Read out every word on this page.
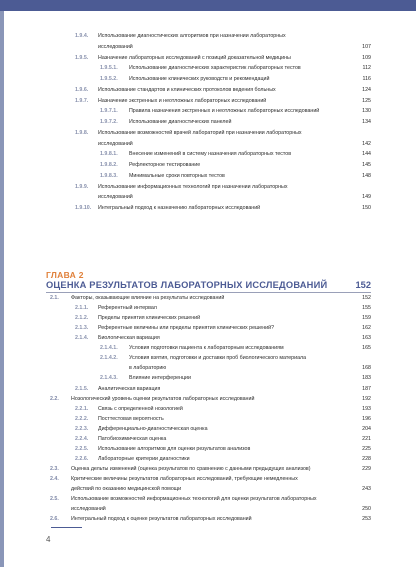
1.9.4. Использование диагностических алгоритмов при назначении лабораторных
исследований	107
1.9.5. Назначение лабораторных исследований с позиций доказательной медицины	109
1.9.5.1. Использование диагностических характеристик лабораторных тестов	112
1.9.5.2. Использование клинических руководств и рекомендаций	116
1.9.6. Использование стандартов и клинических протоколов ведения больных	124
1.9.7. Назначение экстренных и неотложных лабораторных исследований	125
1.9.7.1. Правила назначения экстренных и неотложных лабораторных исследований	130
1.9.7.2. Использование диагностических панелей	134
1.9.8. Использование возможностей врачей лабораторий при назначении лабораторных
исследований	142
1.9.8.1. Внесение изменений в систему назначения лабораторных тестов	144
1.9.8.2. Рефлекторное тестирование	145
1.9.8.3. Минимальные сроки повторных тестов	148
1.9.9. Использование информационных технологий при назначении лабораторных
исследований	149
1.9.10. Интегральный подход к назначению лабораторных исследований	150
2.1. Факторы, оказывающие влияние на результаты исследований	152
2.1.1. Референтный интервал	155
2.1.2. Пределы принятия клинических решений	159
2.1.3. Референтные величины или пределы принятия клинических решений?	162
2.1.4. Биологическая вариация	163
2.1.4.1. Условия подготовки пациента к лабораторным исследованиям	165
2.1.4.2. Условия взятия, подготовки и доставки проб биологического материала
в лабораторию	168
2.1.4.3. Влияние интерференции	183
2.1.5. Аналитическая вариация	187
2.2. Нозологический уровень оценки результатов лабораторных исследований	192
2.2.1. Связь с определенной нозологией	193
2.2.2. Посттестовая вероятность	196
2.2.3. Дифференциально-диагностическая оценка	204
2.2.4. Патобиохимическая оценка	221
2.2.5. Использование алгоритмов для оценки результатов анализов	225
2.2.6. Лабораторные критерии диагностики	228
2.3. Оценка дельты изменений (оценка результатов по сравнению с данными предыдущих анализов)	229
2.4. Критические величины результатов лабораторных исследований, требующие немедленных
действий по оказанию медицинской помощи	243
2.5. Использование возможностей информационных технологий для оценки результатов лабораторных
исследований	250
2.6. Интегральный подход к оценке результатов лабораторных исследований	253
ГЛАВА 2
ОЦЕНКА РЕЗУЛЬТАТОВ ЛАБОРАТОРНЫХ ИССЛЕДОВАНИЙ	152
4
